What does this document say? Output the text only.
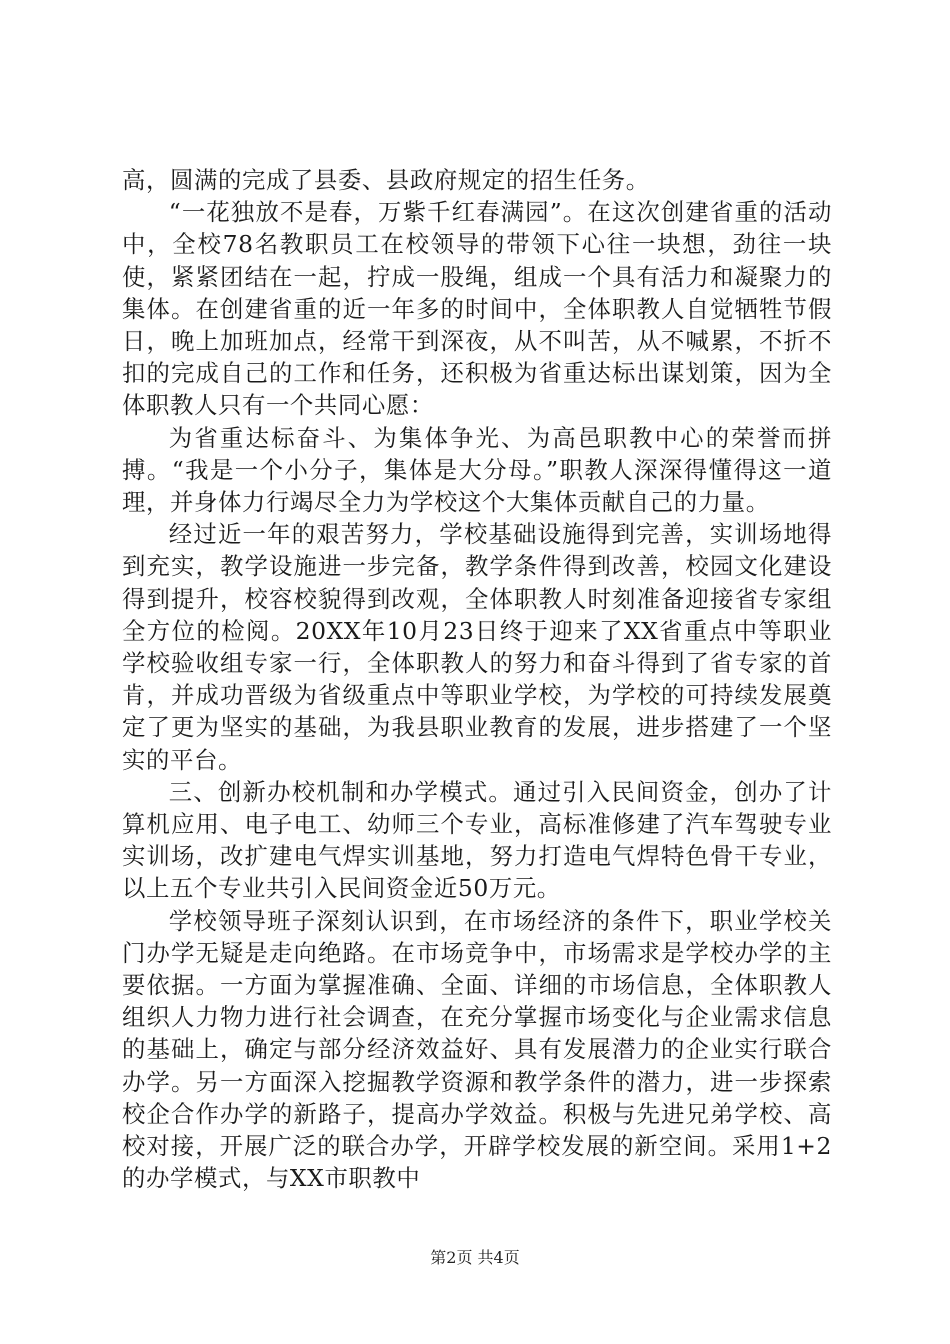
高，圆满的完成了县委、县政府规定的招生任务。

“一花独放不是春，万紫千红春满园”。在这次创建省重的活动中，全校78名教职员工在校领导的带领下心往一块想，劲往一块使，紧紧团结在一起，拧成一股绳，组成一个具有活力和凝聚力的集体。在创建省重的近一年多的时间中，全体职教人自觉牺牲节假日，晚上加班加点，经常干到深夜，从不叫苦，从不喊累，不折不扣的完成自己的工作和任务，还积极为省重达标出谋划策，因为全体职教人只有一个共同心愿：

为省重达标奋斗、为集体争光、为高邑职教中心的荣誉而拼搏。“我是一个小分子，集体是大分母。”职教人深深得懂得这一道理，并身体力行竭尽全力为学校这个大集体贡献自己的力量。

经过近一年的艰苦努力，学校基础设施得到完善，实训场地得到充实，教学设施进一步完备，教学条件得到改善，校园文化建设得到提升，校容校貌得到改观，全体职教人时刻准备迎接省专家组全方位的检阅。20XX年10月23日终于迎来了XX省重点中等职业学校验收组专家一行，全体职教人的努力和奋斗得到了省专家的首肯，并成功晋级为省级重点中等职业学校，为学校的可持续发展奠定了更为坚实的基础，为我县职业教育的发展，进步搭建了一个坚实的平台。

三、创新办校机制和办学模式。通过引入民间资金，创办了计算机应用、电子电工、幼师三个专业，高标准修建了汽车驾驶专业实训场，改扩建电气焊实训基地，努力打造电气焊特色骨干专业，以上五个专业共引入民间资金近50万元。

学校领导班子深刻认识到，在市场经济的条件下，职业学校关门办学无疑是走向绝路。在市场竞争中，市场需求是学校办学的主要依据。一方面为掌握准确、全面、详细的市场信息，全体职教人组织人力物力进行社会调查，在充分掌握市场变化与企业需求信息的基础上，确定与部分经济效益好、具有发展潜力的企业实行联合办学。另一方面深入挖掘教学资源和教学条件的潜力，进一步探索校企合作办学的新路子，提高办学效益。积极与先进兄弟学校、高校对接，开展广泛的联合办学，开辟学校发展的新空间。采用1+2的办学模式，与XX市职教中

第2页 共4页
